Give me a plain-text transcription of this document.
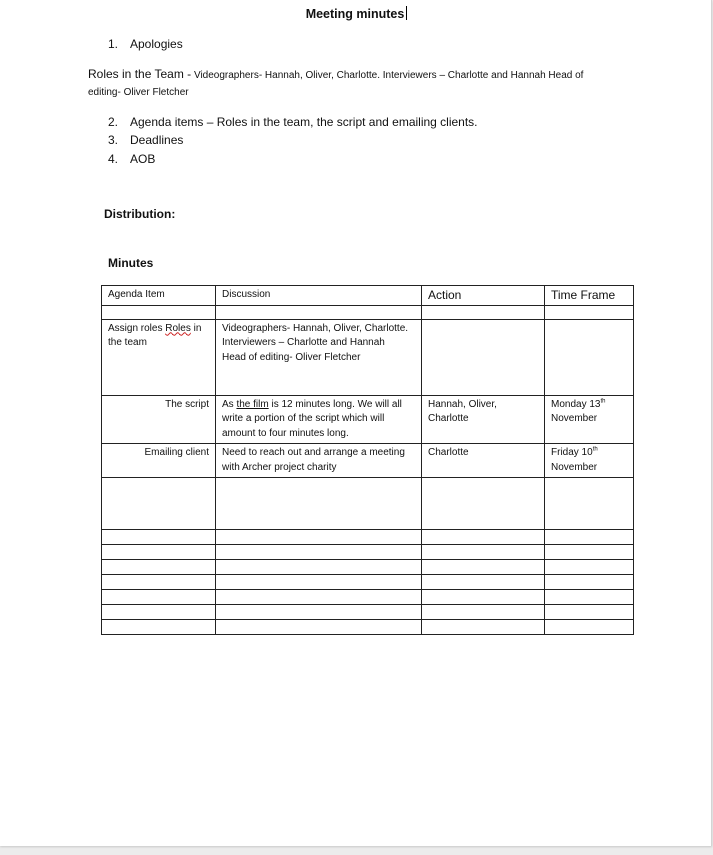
Meeting minutes
1. Apologies
Roles in the Team - Videographers- Hannah, Oliver, Charlotte. Interviewers – Charlotte and Hannah Head of
editing- Oliver Fletcher
2. Agenda items – Roles in the team, the script and emailing clients.
3. Deadlines
4. AOB
Distribution:
Minutes
Agenda Item	Discussion	Action	Time Frame

Assign roles Roles in the team	Videographers- Hannah, Oliver, Charlotte.
Interviewers – Charlotte and Hannah
Head of editing- Oliver Fletcher		
The script	As the film is 12 minutes long. We will all write a portion of the script which will amount to four minutes long.	Hannah, Oliver, Charlotte	Monday 13th
November
Emailing client	Need to reach out and arrange a meeting with Archer project charity	Charlotte	Friday 10th
November
